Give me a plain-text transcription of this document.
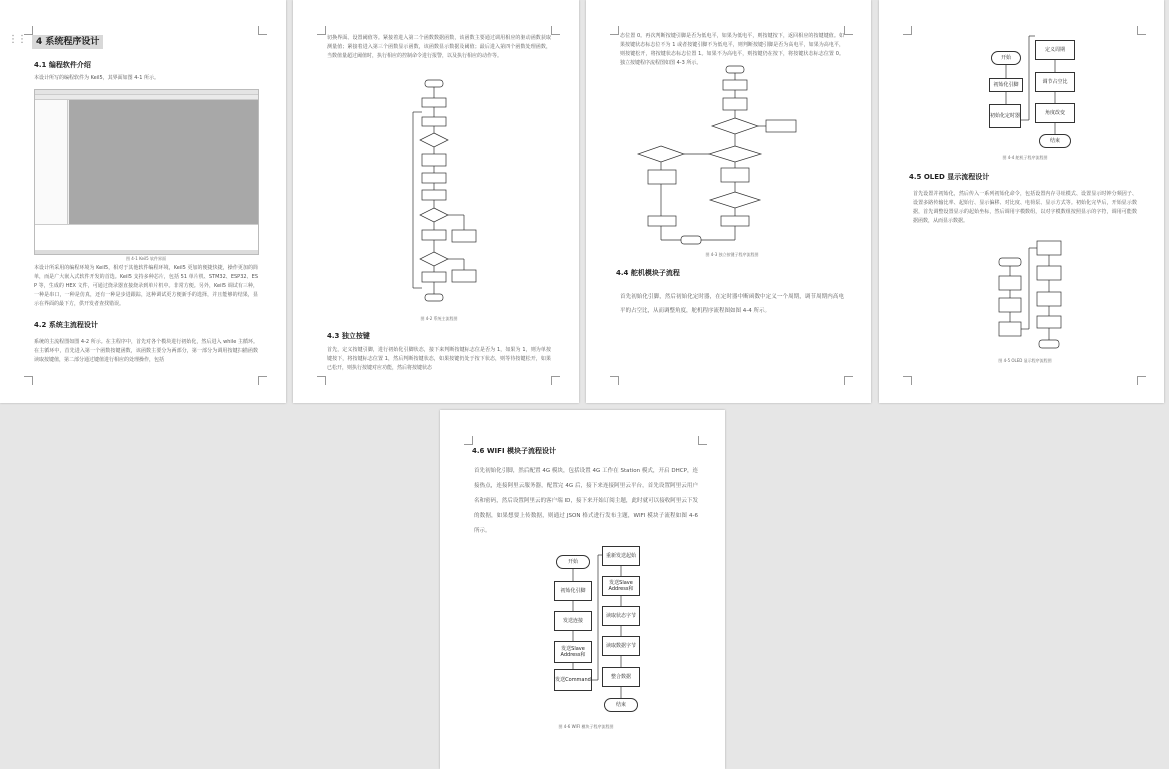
⋮⋮	4 系统程序设计
4.1 编程软件介绍
本设计所写的编程软件为 Keil5，其界面如图 4-1 所示。
图 4-1 Keil5 软件界面
本设计所采用的编程环境为 Keil5，相对于其他软件编程环境，Keil5 更加的便捷快捷，操作更加的简单，而是广大嵌入式软件开发的首选。Keil5 支持多种芯片，包括 51 单片机、STM32、ESP32、ESP 等，生成的 HEX 文件，可通过烧录器直接烧录到单片机中。非常方便。另外，Keil5 调试有三种，一种是串口，一种是仿真，还有一种是步进跟踪，这种调试更方便新手的选择，并且能够的结果，显示在界面的最下方，供开发者查找错误。
4.2 系统主流程设计
系统的主流程图如图 4-2 所示。在主程序中，首先对各个模块进行初始化，然后进入 while 主循环。在主循环中，首先进入第一个函数按键函数，该函数主要分为两部分，第一部分为调用按键扫描函数读取按键值，第二部分通过键值进行相应的处理操作，包括
切换界面、设置阈值等。紧接着进入第二个函数数据函数，该函数主要通过调用相应的驱动函数获取测量值；紧接着进入第三个函数显示函数，该函数显示数据及阈值；最后进入第四个函数处理函数，当数值量超过阈值时，执行相应的控制命令进行报警，以及执行相应的动作等。
图 4-2 系统主流程图
4.3 独立按键
首先，定义按键引脚，进行初始化引脚状态，接下来判断按键标志位是否为 1，如果为 1，则为单按键按下，将按键标志位置 1，然后判断按键状态，如果按键仍处于按下状态，则等待按键松开，如果已松开，则执行按键对应功能，然后将按键状态
态位置 0。再次判断按键引脚是否为低电平，如果为低电平，则按键按下，返回相应的按键键值。如果按键状态标志位不为 1 或者按键引脚不为低电平，则判断按键引脚是否为高电平，如果为高电平，则按键松开，将按键状态标志位置 1。如果不为高电平，则按键仍在按下，将按键状态标志位置 0。独立按键程序流程图如图 4-3 所示。
图 4-3 独立按键子程序流程图
4.4 舵机模块子流程
首先初始化引脚，然后初始化定时器，在定时器中断函数中定义一个周期，调节周期内高电平的占空比，从而调整角度，舵机程序流程图如图 4-4 所示。
开始
初始化引脚
初始化定时器
定义周期
调节占空比
角度改变
结束
图 4-4 舵机子程序流程图
4.5 OLED 显示流程设计
首先设置并初始化，然后传入一系列初始化命令，包括设置内存寻址模式、设置显示时钟分频因子、设置多路传输比率、起始行、显示偏移、对比度、电荷泵、显示方式等。初始化完毕后，开始显示数据，首先调整设置显示的起始坐标，然后调用字模数组，以对字模数组按照显示的字符，调用可能数据函数，从而显示数据。
图 4-5 OLED 显示程序流程图
4.6 WIFI 模块子流程设计
首先初始化引脚，然后配置 4G 模块，包括设置 4G 工作在 Station 模式，开启 DHCP，连接热点，连接阿里云服务器，配置完 4G 后，接下来连接阿里云平台，首先设置阿里云用户名和密码，然后设置阿里云的客户端 ID，接下来开始订阅主题，此时就可以接收阿里云下发的数据，如果想要上传数据，则通过 JSON 格式进行发布主题，WIFI 模块子流程如图 4-6 所示。
开始
初始化引脚
发送连接
发送Slave Address和
发送Command
重新发送起始
发送Slave Address和
读取状态字节
读取数据字节
整合数据
结束
图 4-6 WIFI 模块子程序流程图
